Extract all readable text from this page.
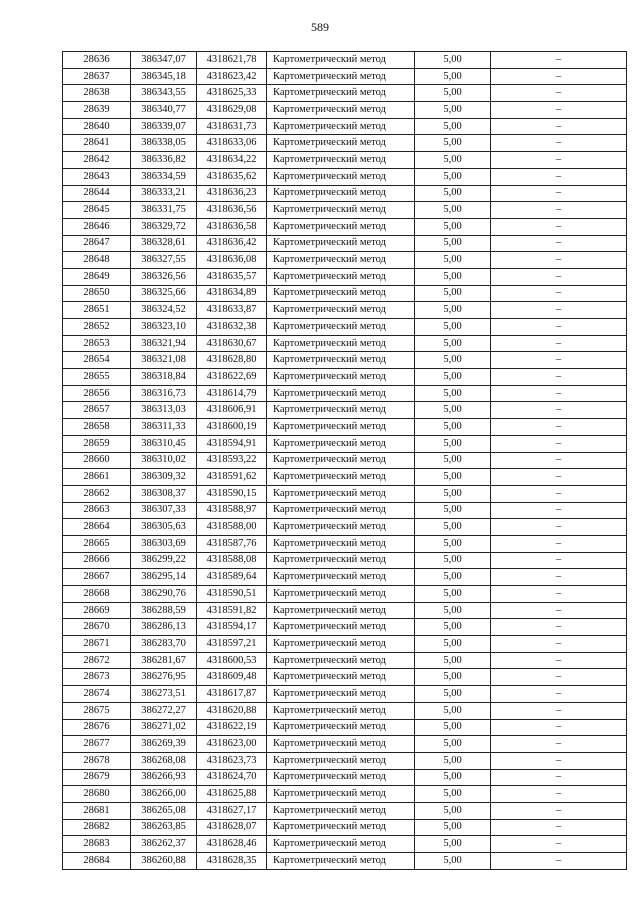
589
28636	386347,07	4318621,78	Картометрический метод	5,00	–
28637	386345,18	4318623,42	Картометрический метод	5,00	–
28638	386343,55	4318625,33	Картометрический метод	5,00	–
28639	386340,77	4318629,08	Картометрический метод	5,00	–
28640	386339,07	4318631,73	Картометрический метод	5,00	–
28641	386338,05	4318633,06	Картометрический метод	5,00	–
28642	386336,82	4318634,22	Картометрический метод	5,00	–
28643	386334,59	4318635,62	Картометрический метод	5,00	–
28644	386333,21	4318636,23	Картометрический метод	5,00	–
28645	386331,75	4318636,56	Картометрический метод	5,00	–
28646	386329,72	4318636,58	Картометрический метод	5,00	–
28647	386328,61	4318636,42	Картометрический метод	5,00	–
28648	386327,55	4318636,08	Картометрический метод	5,00	–
28649	386326,56	4318635,57	Картометрический метод	5,00	–
28650	386325,66	4318634,89	Картометрический метод	5,00	–
28651	386324,52	4318633,87	Картометрический метод	5,00	–
28652	386323,10	4318632,38	Картометрический метод	5,00	–
28653	386321,94	4318630,67	Картометрический метод	5,00	–
28654	386321,08	4318628,80	Картометрический метод	5,00	–
28655	386318,84	4318622,69	Картометрический метод	5,00	–
28656	386316,73	4318614,79	Картометрический метод	5,00	–
28657	386313,03	4318606,91	Картометрический метод	5,00	–
28658	386311,33	4318600,19	Картометрический метод	5,00	–
28659	386310,45	4318594,91	Картометрический метод	5,00	–
28660	386310,02	4318593,22	Картометрический метод	5,00	–
28661	386309,32	4318591,62	Картометрический метод	5,00	–
28662	386308,37	4318590,15	Картометрический метод	5,00	–
28663	386307,33	4318588,97	Картометрический метод	5,00	–
28664	386305,63	4318588,00	Картометрический метод	5,00	–
28665	386303,69	4318587,76	Картометрический метод	5,00	–
28666	386299,22	4318588,08	Картометрический метод	5,00	–
28667	386295,14	4318589,64	Картометрический метод	5,00	–
28668	386290,76	4318590,51	Картометрический метод	5,00	–
28669	386288,59	4318591,82	Картометрический метод	5,00	–
28670	386286,13	4318594,17	Картометрический метод	5,00	–
28671	386283,70	4318597,21	Картометрический метод	5,00	–
28672	386281,67	4318600,53	Картометрический метод	5,00	–
28673	386276,95	4318609,48	Картометрический метод	5,00	–
28674	386273,51	4318617,87	Картометрический метод	5,00	–
28675	386272,27	4318620,88	Картометрический метод	5,00	–
28676	386271,02	4318622,19	Картометрический метод	5,00	–
28677	386269,39	4318623,00	Картометрический метод	5,00	–
28678	386268,08	4318623,73	Картометрический метод	5,00	–
28679	386266,93	4318624,70	Картометрический метод	5,00	–
28680	386266,00	4318625,88	Картометрический метод	5,00	–
28681	386265,08	4318627,17	Картометрический метод	5,00	–
28682	386263,85	4318628,07	Картометрический метод	5,00	–
28683	386262,37	4318628,46	Картометрический метод	5,00	–
28684	386260,88	4318628,35	Картометрический метод	5,00	–
